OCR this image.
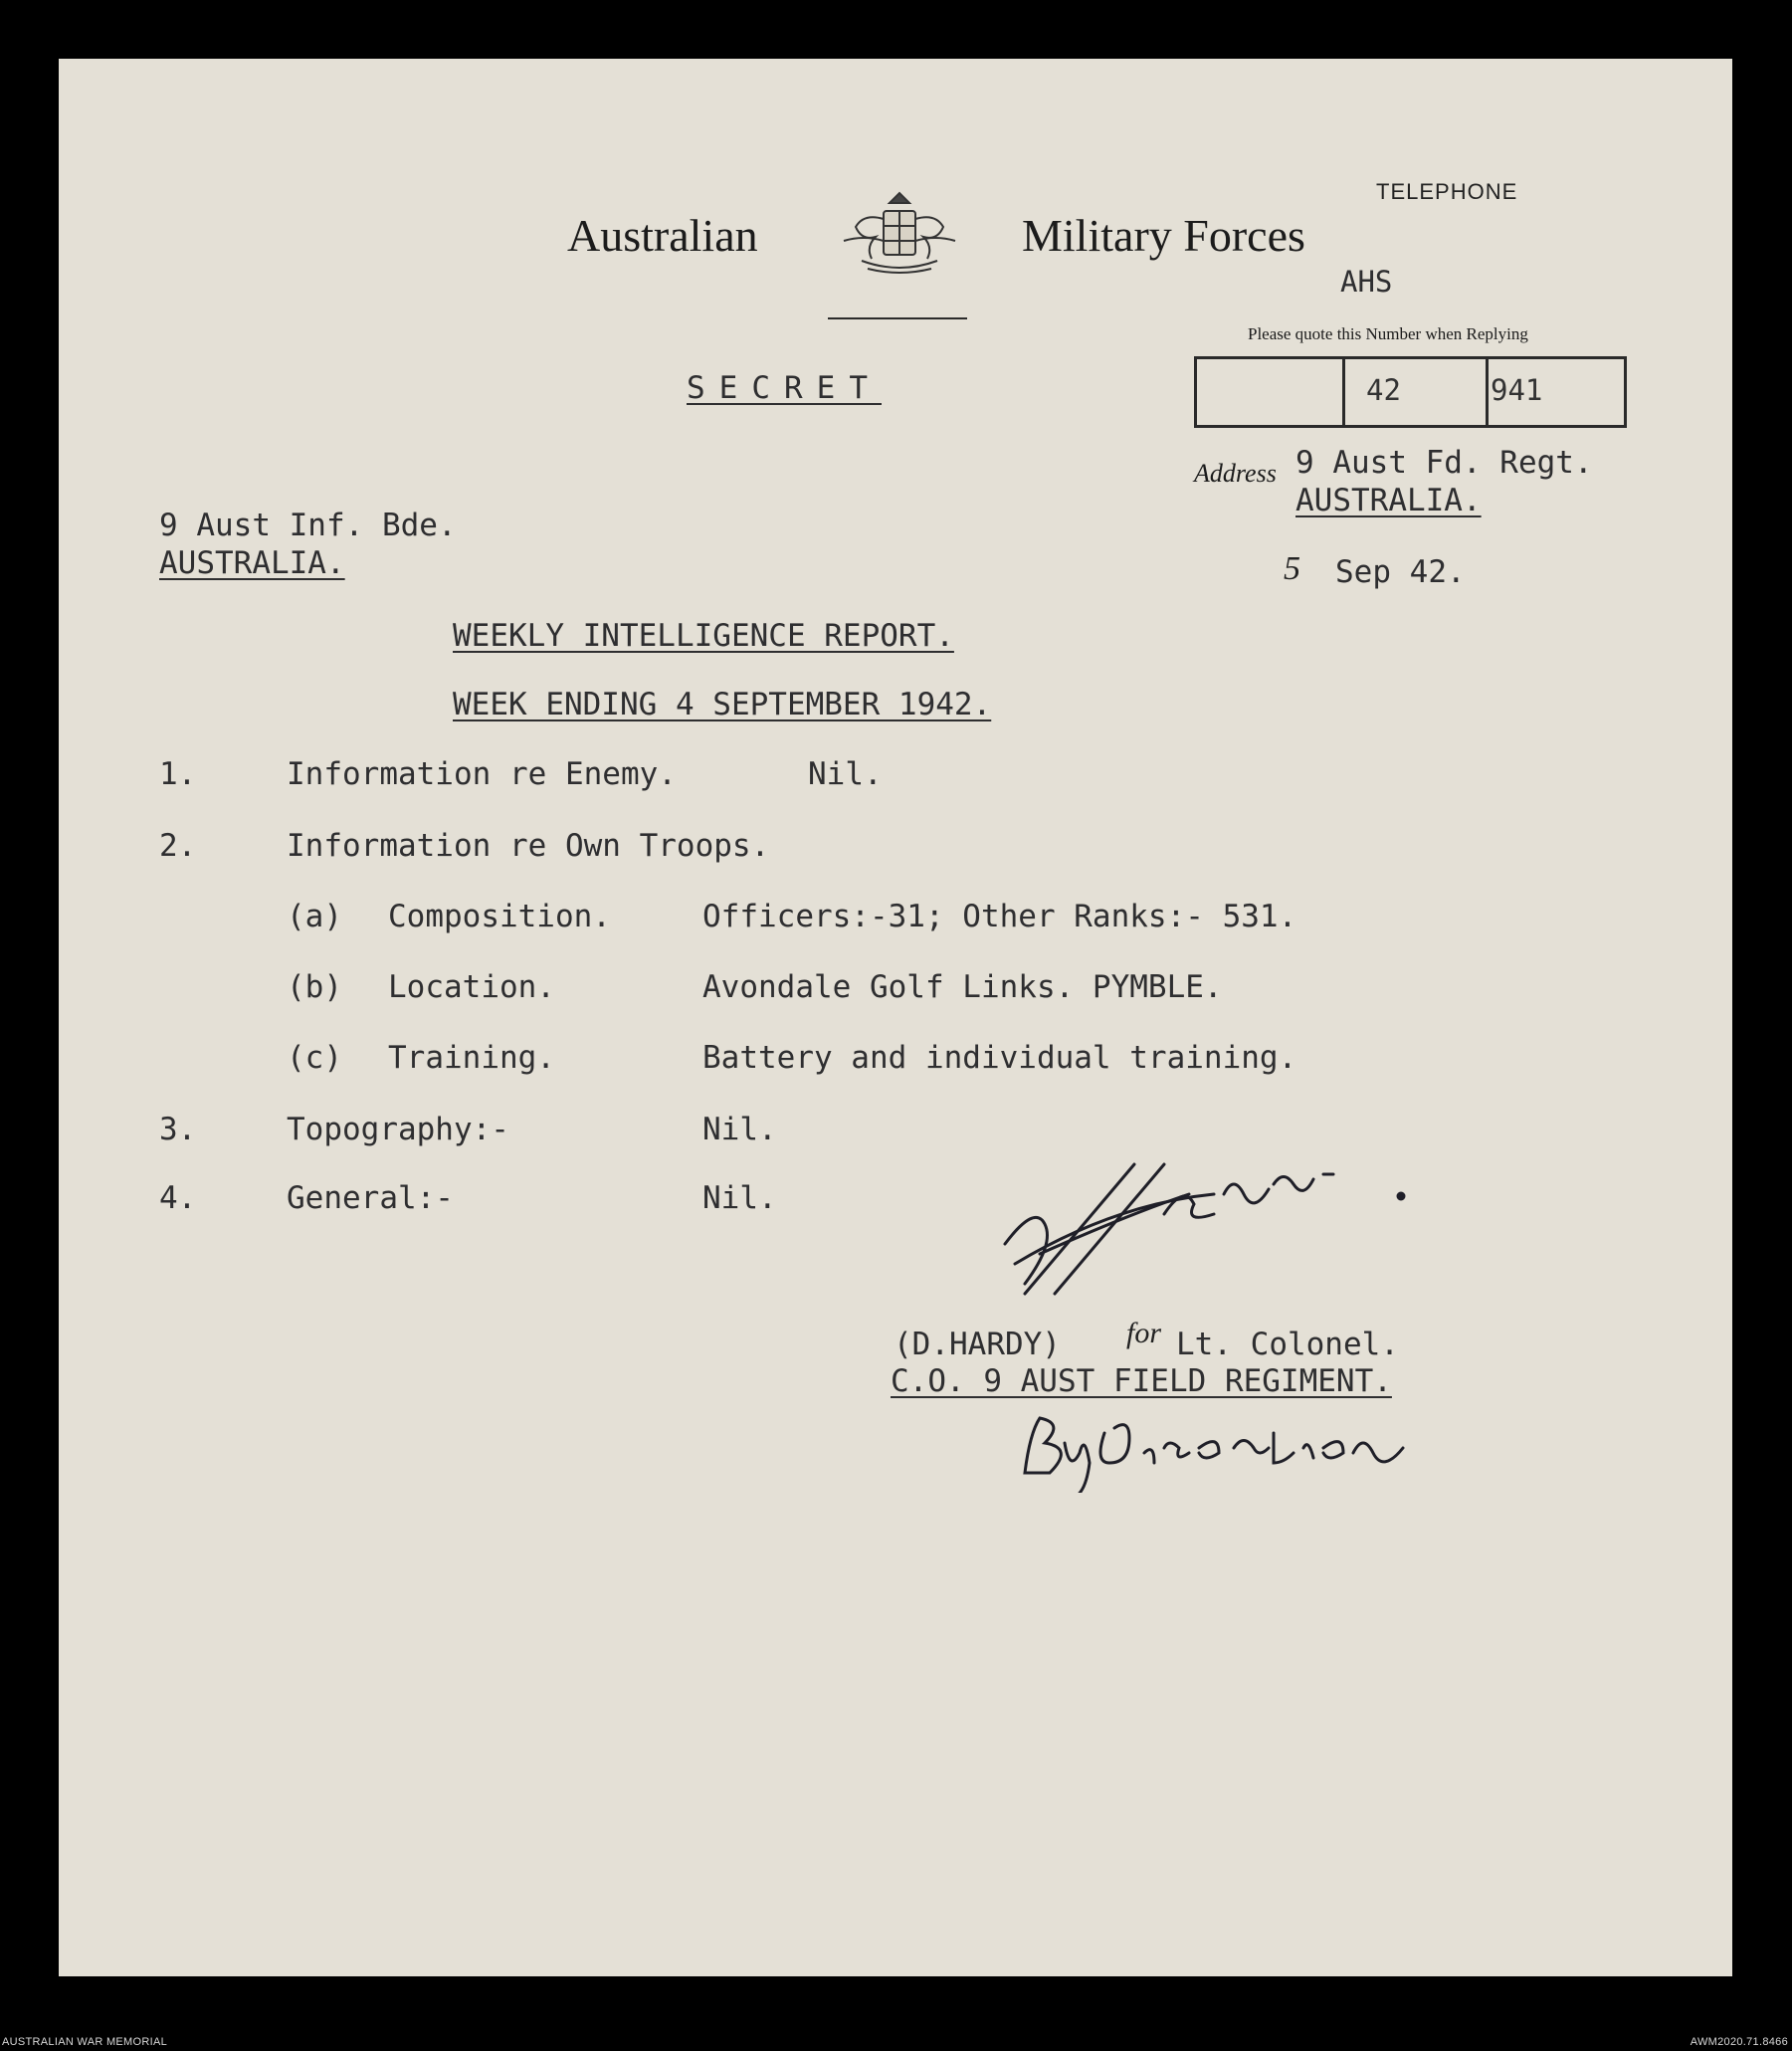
Australian	Military Forces
TELEPHONE
AHS
Please quote this Number when Replying
42	941
Address 9 Aust Fd. Regt.
AUSTRALIA.
5 Sep 42.
SECRET
9 Aust Inf. Bde.
AUSTRALIA.
WEEKLY INTELLIGENCE REPORT.
WEEK ENDING 4 SEPTEMBER 1942.
1.	Information re Enemy.	Nil.
2.	Information re Own Troops.
(a) Composition.	Officers:-31; Other Ranks:- 531.
(b) Location.	Avondale Golf Links. PYMBLE.
(c) Training.	Battery and individual training.
3.	Topography:-	Nil.
4.	General:-	Nil.
(D.HARDY) for Lt. Colonel.
C.O. 9 AUST FIELD REGIMENT.
AUSTRALIAN WAR MEMORIAL	AWM2020.71.8466
